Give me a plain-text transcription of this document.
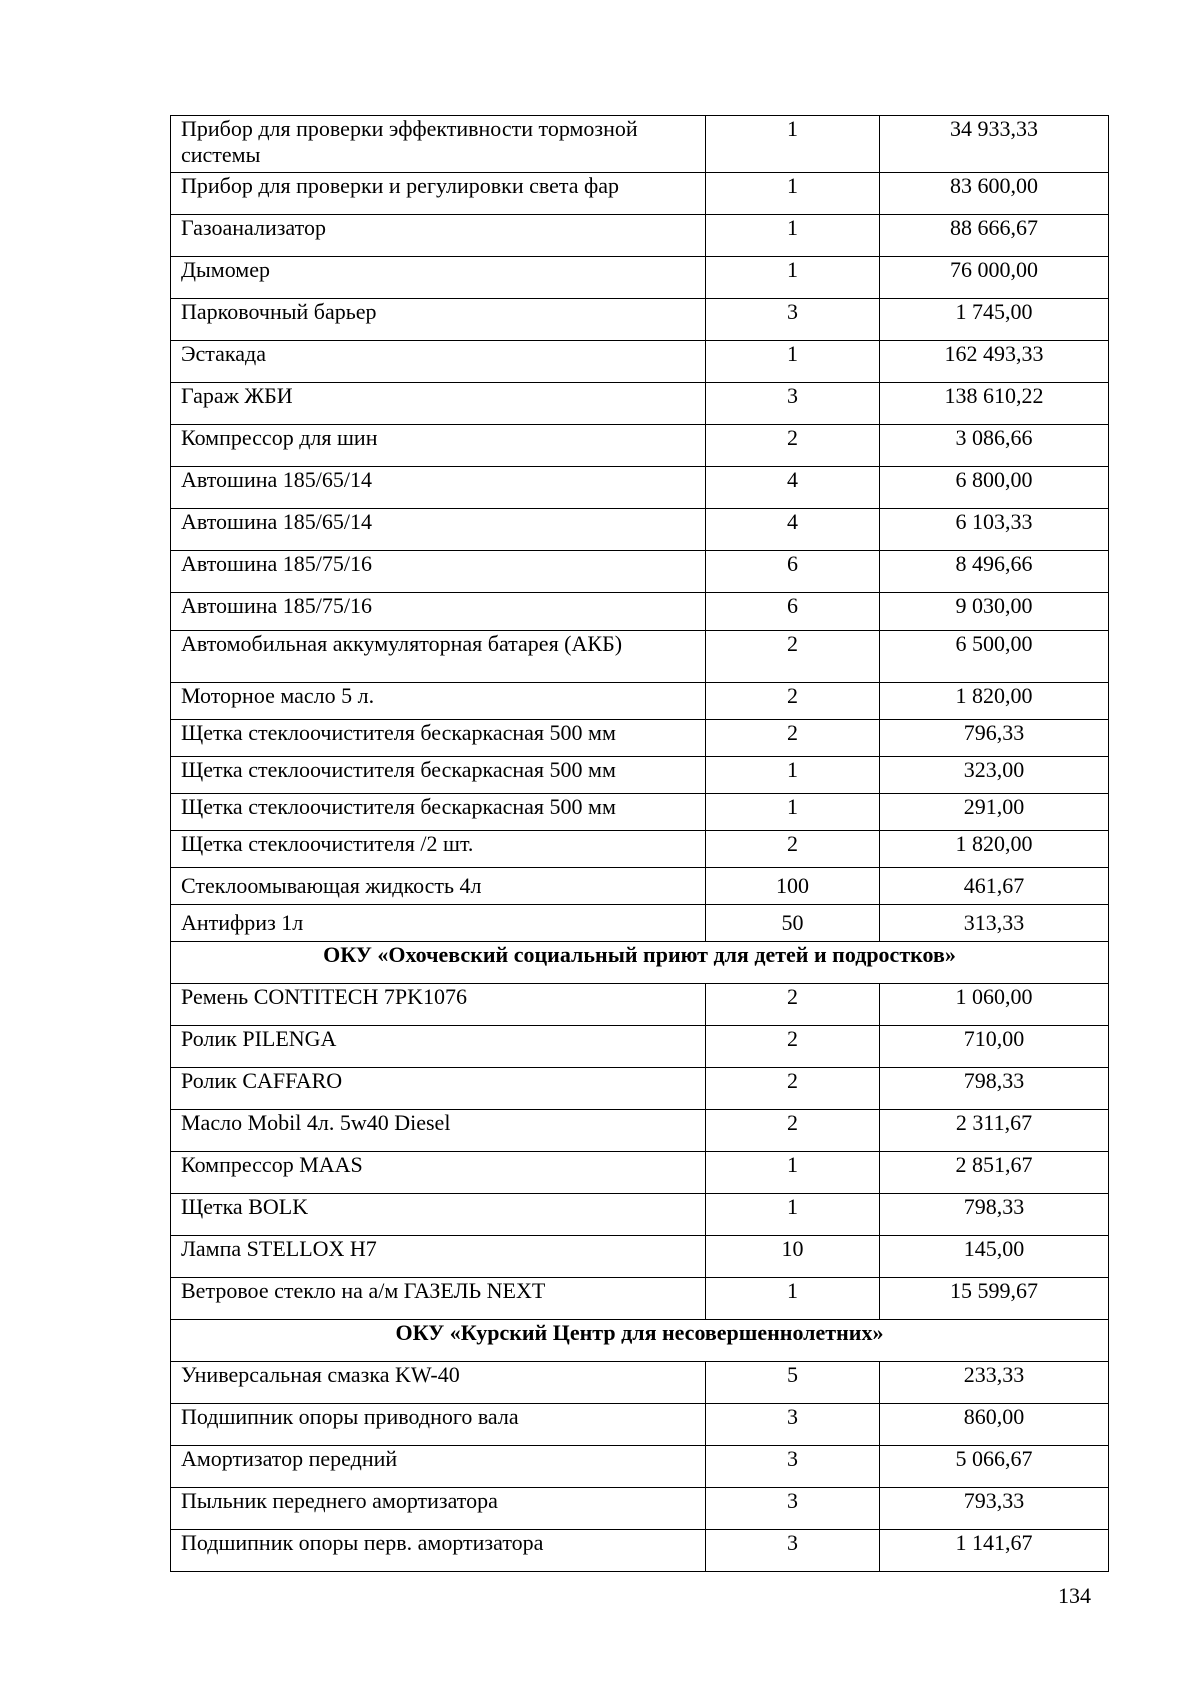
Прибор для проверки эффективности тормозной системы	1	34 933,33
Прибор для проверки и регулировки света фар	1	83 600,00
Газоанализатор	1	88 666,67
Дымомер	1	76 000,00
Парковочный барьер	3	1 745,00
Эстакада	1	162 493,33
Гараж ЖБИ	3	138 610,22
Компрессор для шин	2	3 086,66
Автошина 185/65/14	4	6 800,00
Автошина 185/65/14	4	6 103,33
Автошина 185/75/16	6	8 496,66
Автошина 185/75/16	6	9 030,00
Автомобильная аккумуляторная батарея (АКБ)	2	6 500,00
Моторное масло 5 л.	2	1 820,00
Щетка стеклоочистителя бескаркасная 500 мм	2	796,33
Щетка стеклоочистителя бескаркасная 500 мм	1	323,00
Щетка стеклоочистителя бескаркасная 500 мм	1	291,00
Щетка стеклоочистителя /2 шт.	2	1 820,00
Стеклоомывающая жидкость 4л	100	461,67
Антифриз 1л	50	313,33
ОКУ «Охочевский социальный приют для детей и подростков»		
Ремень CONTITECH 7PK1076	2	1 060,00
Ролик PILENGA	2	710,00
Ролик CAFFARO	2	798,33
Масло Mobil 4л. 5w40 Diesel	2	2 311,67
Компрессор MAAS	1	2 851,67
Щетка BOLK	1	798,33
Лампа STELLOX H7	10	145,00
Ветровое стекло на а/м ГАЗЕЛЬ NEXT	1	15 599,67
ОКУ «Курский Центр для несовершеннолетних»		
Универсальная смазка KW-40	5	233,33
Подшипник опоры приводного вала	3	860,00
Амортизатор передний	3	5 066,67
Пыльник переднего амортизатора	3	793,33
Подшипник опоры перв. амортизатора	3	1 141,67
134
